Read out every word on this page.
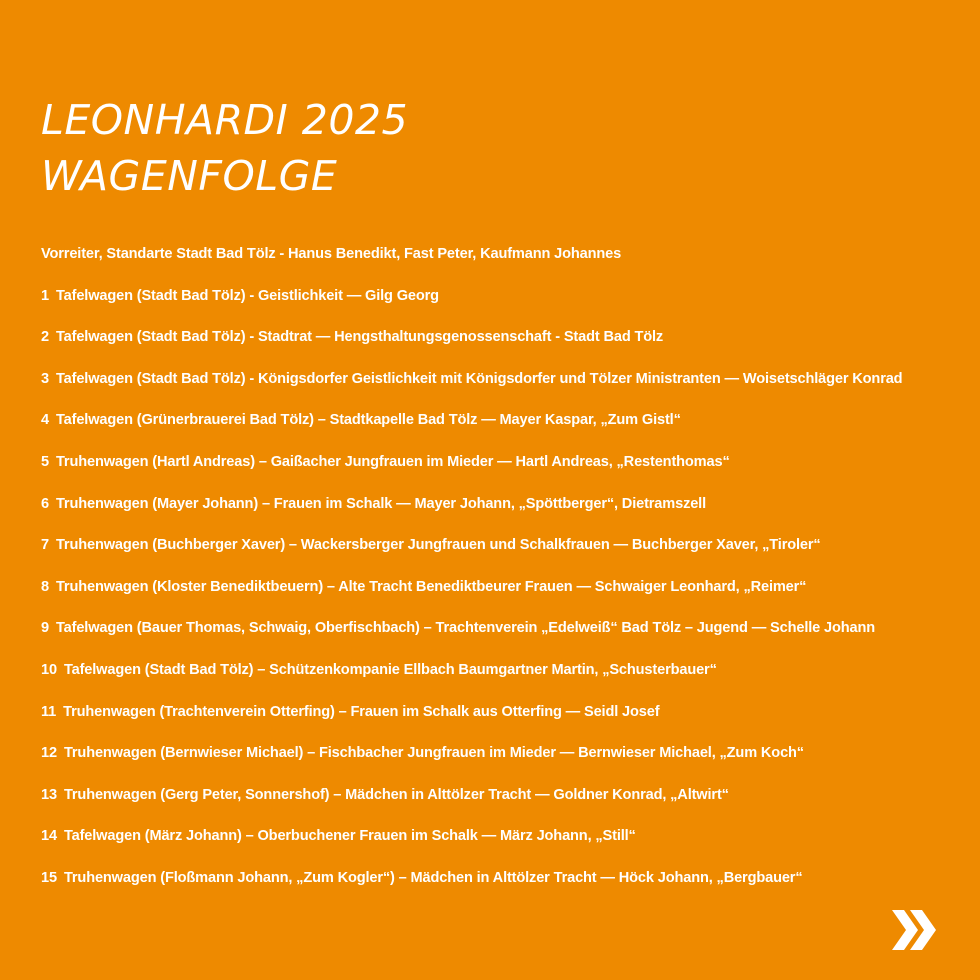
LEONHARDI 2025
WAGENFOLGE
Vorreiter, Standarte Stadt Bad Tölz - Hanus Benedikt, Fast Peter, Kaufmann Johannes
1 Tafelwagen (Stadt Bad Tölz) - Geistlichkeit — Gilg Georg
2 Tafelwagen (Stadt Bad Tölz) - Stadtrat — Hengsthaltungsgenossenschaft - Stadt Bad Tölz
3 Tafelwagen (Stadt Bad Tölz) - Königsdorfer Geistlichkeit mit Königsdorfer und Tölzer Ministranten — Woisetschläger Konrad
4 Tafelwagen (Grünerbrauerei Bad Tölz) – Stadtkapelle Bad Tölz — Mayer Kaspar, „Zum Gistl“
5 Truhenwagen (Hartl Andreas) – Gaißacher Jungfrauen im Mieder — Hartl Andreas, „Restenthomas“
6 Truhenwagen (Mayer Johann) – Frauen im Schalk — Mayer Johann, „Spöttberger“, Dietramszell
7 Truhenwagen (Buchberger Xaver) – Wackersberger Jungfrauen und Schalkfrauen — Buchberger Xaver, „Tiroler“
8 Truhenwagen (Kloster Benediktbeuern) – Alte Tracht Benediktbeurer Frauen — Schwaiger Leonhard, „Reimer“
9 Tafelwagen (Bauer Thomas, Schwaig, Oberfischbach) – Trachtenverein „Edelweiß“ Bad Tölz – Jugend — Schelle Johann
10 Tafelwagen (Stadt Bad Tölz) – Schützenkompanie Ellbach Baumgartner Martin, „Schusterbauer“
11 Truhenwagen (Trachtenverein Otterfing) – Frauen im Schalk aus Otterfing — Seidl Josef
12 Truhenwagen (Bernwieser Michael) – Fischbacher Jungfrauen im Mieder — Bernwieser Michael, „Zum Koch“
13 Truhenwagen (Gerg Peter, Sonnershof) – Mädchen in Alttölzer Tracht — Goldner Konrad, „Altwirt“
14 Tafelwagen (März Johann) – Oberbuchener Frauen im Schalk — März Johann, „Still“
15 Truhenwagen (Floßmann Johann, „Zum Kogler“) – Mädchen in Alttölzer Tracht — Höck Johann, „Bergbauer“
